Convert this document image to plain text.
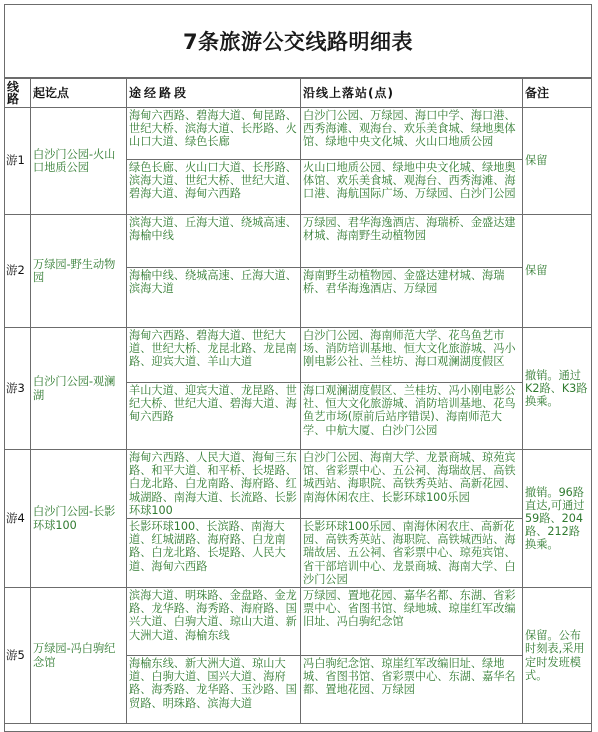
7条旅游公交线路明细表
线路	起讫点	途经路段	沿线上落站(点)	备注
游1	白沙门公园-火山口地质公园	海甸六西路、碧海大道、甸昆路、世纪大桥、滨海大道、长彤路、火山口大道、绿色长廊	白沙门公园、万绿园、海口中学、海口港、西秀海滩、观海台、欢乐美食城、绿地奥体馆、绿地中央文化城、火山口地质公园	保留
		绿色长廊、火山口大道、长彤路、滨海大道、世纪大桥、世纪大道、碧海大道、海甸六西路	火山口地质公园、绿地中央文化城、绿地奥体馆、欢乐美食城、观海台、西秀海滩、海口港、海航国际广场、万绿园、白沙门公园	
游2	万绿园-野生动物园	滨海大道、丘海大道、绕城高速、海榆中线	万绿园、君华海逸酒店、海瑞桥、金盛达建材城、海南野生动植物园	保留
		海榆中线、绕城高速、丘海大道、滨海大道	海南野生动植物园、金盛达建材城、海瑞桥、君华海逸酒店、万绿园	
游3	白沙门公园-观澜湖	海甸六西路、碧海大道、世纪大道、世纪大桥、龙昆北路、龙昆南路、迎宾大道、羊山大道	白沙门公园、海南师范大学、花鸟鱼艺市场、消防培训基地、恒大文化旅游城、冯小刚电影公社、兰桂坊、海口观澜湖度假区	撤销。通过K2路、K3路换乘。
		羊山大道、迎宾大道、龙昆路、世纪大桥、世纪大道、碧海大道、海甸六西路	海口观澜湖度假区、兰桂坊、冯小刚电影公社、恒大文化旅游城、消防培训基地、花鸟鱼艺市场(原前后站序错误)、海南师范大学、中航大厦、白沙门公园	
游4	白沙门公园-长影环球100	海甸六西路、人民大道、海甸三东路、和平大道、和平桥、长堤路、白龙北路、白龙南路、海府路、红城湖路、南海大道、长流路、长影环球100	白沙门公园、海南大学、龙景商城、琼苑宾馆、省彩票中心、五公祠、海瑞故居、高铁城西站、海职院、高铁秀英站、高新花园、南海休闲农庄、长影环球100乐园	撤销。96路直达,可通过59路、204路、212路换乘。
		长影环球100、长滨路、南海大道、红城湖路、海府路、白龙南路、白龙北路、长堤路、人民大道、海甸六西路	长影环球100乐园、南海休闲农庄、高新花园、高铁秀英站、海职院、高铁城西站、海瑞故居、五公祠、省彩票中心、琼苑宾馆、省干部培训中心、龙景商城、海南大学、白沙门公园	
游5	万绿园-冯白驹纪念馆	滨海大道、明珠路、金盘路、金龙路、龙华路、海秀路、海府路、国兴大道、白驹大道、琼山大道、新大洲大道、海榆东线	万绿园、置地花园、嘉华名都、东湖、省彩票中心、省图书馆、绿地城、琼崖红军改编旧址、冯白驹纪念馆	保留。公布时刻表,采用定时发班模式。
		海榆东线、新大洲大道、琼山大道、白驹大道、国兴大道、海府路、海秀路、龙华路、玉沙路、国贸路、明珠路、滨海大道	冯白驹纪念馆、琼崖红军改编旧址、绿地城、省图书馆、省彩票中心、东湖、嘉华名都、置地花园、万绿园	
